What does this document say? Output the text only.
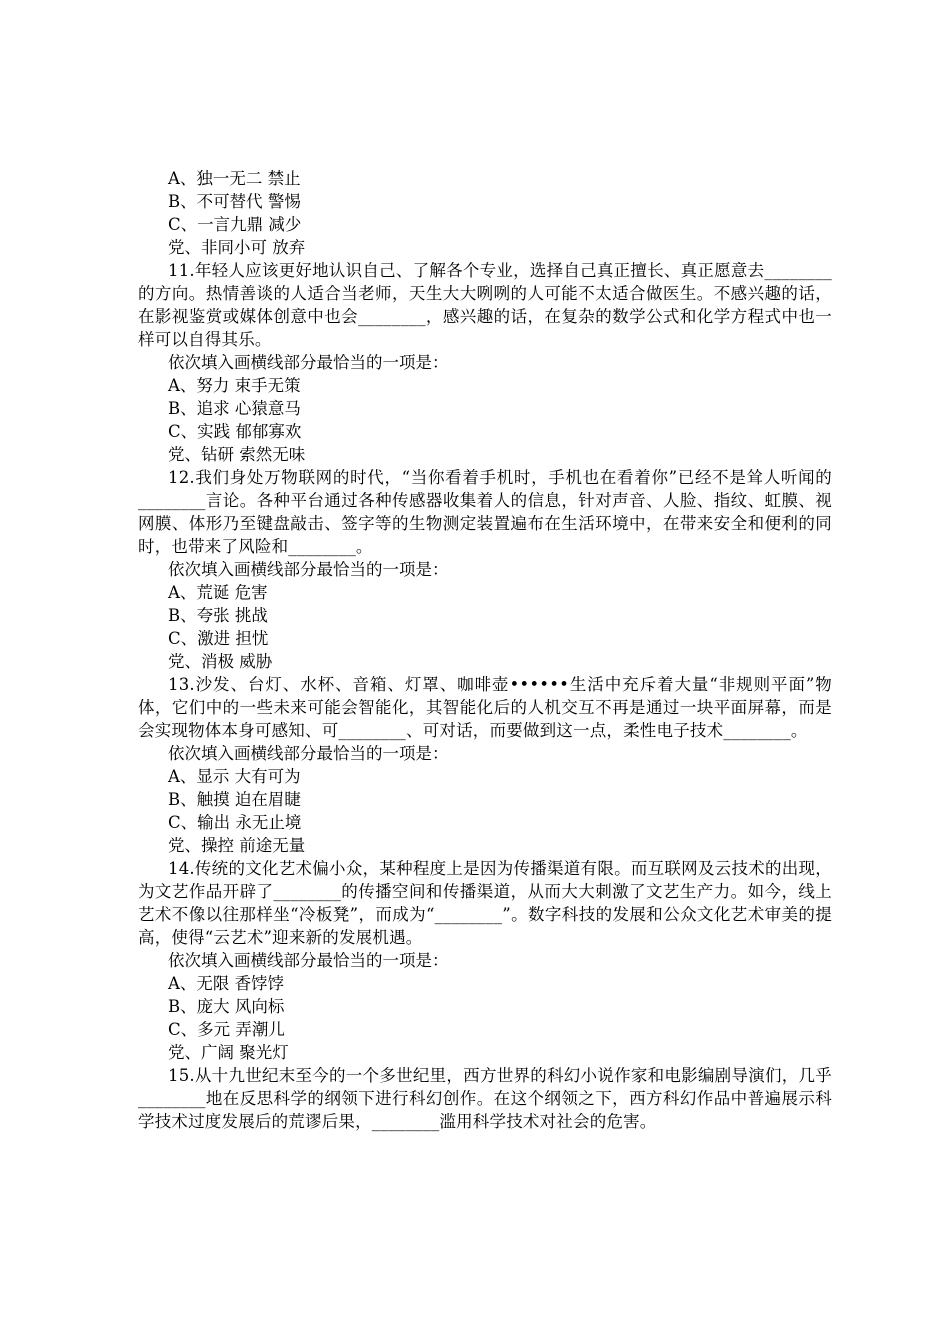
A、独一无二 禁止
B、不可替代 警惕
C、一言九鼎 减少
党、非同小可 放弃
11.年轻人应该更好地认识自己、了解各个专业，选择自己真正擅长、真正愿意去________的方向。热情善谈的人适合当老师，天生大大咧咧的人可能不太适合做医生。不感兴趣的话，在影视鉴赏或媒体创意中也会________，感兴趣的话，在复杂的数学公式和化学方程式中也一样可以自得其乐。
依次填入画横线部分最恰当的一项是：
A、努力 束手无策
B、追求 心猿意马
C、实践 郁郁寡欢
党、钻研 索然无味
12.我们身处万物联网的时代，“当你看着手机时，手机也在看着你”已经不是耸人听闻的________言论。各种平台通过各种传感器收集着人的信息，针对声音、人脸、指纹、虹膜、视网膜、体形乃至键盘敲击、签字等的生物测定装置遍布在生活环境中，在带来安全和便利的同时，也带来了风险和________。
依次填入画横线部分最恰当的一项是：
A、荒诞 危害
B、夸张 挑战
C、激进 担忧
党、消极 威胁
13.沙发、台灯、水杯、音箱、灯罩、咖啡壶••••••生活中充斥着大量“非规则平面”物体，它们中的一些未来可能会智能化，其智能化后的人机交互不再是通过一块平面屏幕，而是会实现物体本身可感知、可________、可对话，而要做到这一点，柔性电子技术________。
依次填入画横线部分最恰当的一项是：
A、显示 大有可为
B、触摸 迫在眉睫
C、输出 永无止境
党、操控 前途无量
14.传统的文化艺术偏小众，某种程度上是因为传播渠道有限。而互联网及云技术的出现，为文艺作品开辟了________的传播空间和传播渠道，从而大大刺激了文艺生产力。如今，线上艺术不像以往那样坐“冷板凳”，而成为“________”。数字科技的发展和公众文化艺术审美的提高，使得“云艺术”迎来新的发展机遇。
依次填入画横线部分最恰当的一项是：
A、无限 香饽饽
B、庞大 风向标
C、多元 弄潮儿
党、广阔 聚光灯
15.从十九世纪末至今的一个多世纪里，西方世界的科幻小说作家和电影编剧导演们，几乎________地在反思科学的纲领下进行科幻创作。在这个纲领之下，西方科幻作品中普遍展示科学技术过度发展后的荒谬后果，________滥用科学技术对社会的危害。
